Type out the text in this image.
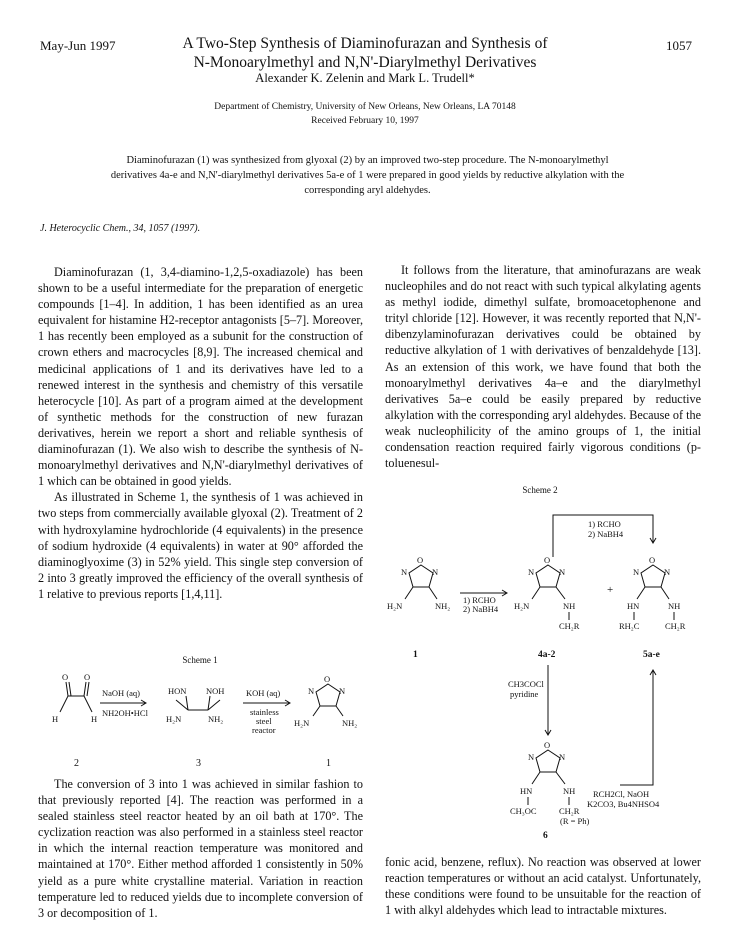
May-Jun 1997	1057
A Two-Step Synthesis of Diaminofurazan and Synthesis of
N-Monoarylmethyl and N,N'-Diarylmethyl Derivatives
Alexander K. Zelenin and Mark L. Trudell*
Department of Chemistry, University of New Orleans, New Orleans, LA 70148
Received February 10, 1997
Diaminofurazan (1) was synthesized from glyoxal (2) by an improved two-step procedure. The N-monoarylmethyl derivatives 4a-e and N,N'-diarylmethyl derivatives 5a-e of 1 were prepared in good yields by reductive alkylation with the corresponding aryl aldehydes.
J. Heterocyclic Chem., 34, 1057 (1997).

Diaminofurazan (1, 3,4-diamino-1,2,5-oxadiazole) has been shown to be a useful intermediate for the preparation of energetic compounds [1–4]. In addition, 1 has been identified as an urea equivalent for histamine H2-receptor antagonists [5–7]. Moreover, 1 has recently been employed as a subunit for the construction of crown ethers and macrocycles [8,9]. The increased chemical and medicinal applications of 1 and its derivatives have led to a renewed interest in the synthesis and chemistry of this versatile heterocycle [10]. As part of a program aimed at the development of synthetic methods for the construction of new furazan derivatives, herein we report a short and reliable synthesis of diaminofurazan (1). We also wish to describe the synthesis of N-monoarylmethyl derivatives and N,N'-diarylmethyl derivatives of 1 which can be obtained in good yields.

As illustrated in Scheme 1, the synthesis of 1 was achieved in two steps from commercially available glyoxal (2). Treatment of 2 with hydroxylamine hydrochloride (4 equivalents) in the presence of sodium hydroxide (4 equivalents) in water at 90° afforded the diaminoglyoxime (3) in 52% yield. This single step conversion of 2 into 3 greatly improved the efficiency of the overall synthesis of 1 relative to previous reports [1,4,11].

Scheme 1
O O
H	H
NaOH (aq)
NH2OH•HCl
HON NOH
H₂N	NH₂
KOH (aq)
stainless
steel
reactor
O
N	N
H₂N	NH₂
2	3	1

The conversion of 3 into 1 was achieved in similar fashion to that previously reported [4]. The reaction was performed in a sealed stainless steel reactor heated by an oil bath at 170°. The cyclization reaction was also performed in a stainless steel reactor in which the internal reaction temperature was monitored and maintained at 170°. Either method afforded 1 consistently in 50% yield as a pure white crystalline material. Variation in reaction temperature led to reduced yields due to incomplete conversion of 3 or decomposition of 1.

It follows from the literature, that aminofurazans are weak nucleophiles and do not react with such typical alkylating agents as methyl iodide, dimethyl sulfate, bromoacetophenone and trityl chloride [12]. However, it was recently reported that N,N'-dibenzylaminofurazan derivatives could be obtained by reductive alkylation of 1 with derivatives of benzaldehyde [13]. As an extension of this work, we have found that both the monoarylmethyl derivatives 4a–e and the diarylmethyl derivatives 5a–e could be easily prepared by reductive alkylation with the corresponding aryl aldehydes. Because of the weak nucleophilicity of the amino groups of 1, the initial condensation reaction required fairly vigorous conditions (p-toluenesul-

Scheme 2
1) RCHO
2) NaBH4
O
N	N
H₂N	NH₂
1) RCHO
2) NaBH4
O
N	N
H₂N	NH
CH₂R
+
O
N	N
HN	NH
RH₂C	CH₂R
1	4a-2	5a-e
CH3COCl
pyridine
O
N	N
HN	NH
CH₃OC	CH₂R
(R = Ph)
RCH2Cl, NaOH
K2CO3, Bu4NHSO4
6

fonic acid, benzene, reflux). No reaction was observed at lower reaction temperatures or without an acid catalyst. Unfortunately, these conditions were found to be unsuitable for the reaction of 1 with alkyl aldehydes which lead to intractable mixtures.
